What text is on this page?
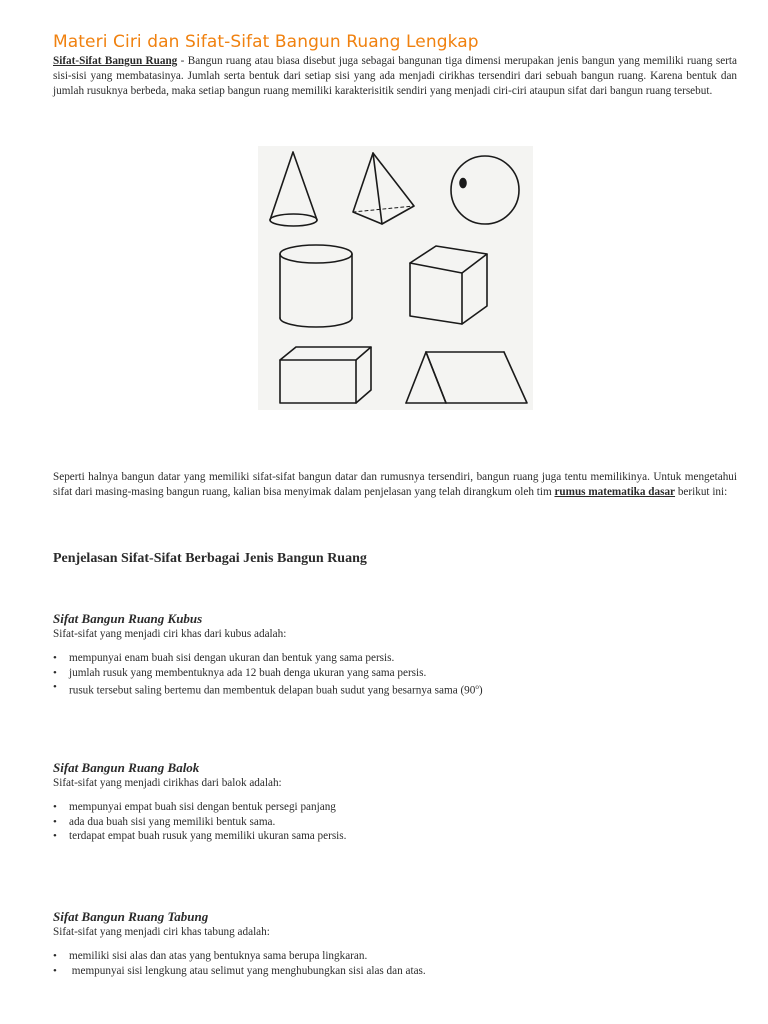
Materi Ciri dan Sifat-Sifat Bangun Ruang Lengkap

Sifat-Sifat Bangun Ruang - Bangun ruang atau biasa disebut juga sebagai bangunan tiga dimensi merupakan jenis bangun yang memiliki ruang serta sisi-sisi yang membatasinya. Jumlah serta bentuk dari setiap sisi yang ada menjadi cirikhas tersendiri dari sebuah bangun ruang. Karena bentuk dan jumlah rusuknya berbeda, maka setiap bangun ruang memiliki karakterisitik sendiri yang menjadi ciri-ciri ataupun sifat dari bangun ruang tersebut.

Seperti halnya bangun datar yang memiliki sifat-sifat bangun datar dan rumusnya tersendiri, bangun ruang juga tentu memilikinya. Untuk mengetahui sifat dari masing-masing bangun ruang, kalian bisa menyimak dalam penjelasan yang telah dirangkum oleh tim rumus matematika dasar berikut ini:

Penjelasan Sifat-Sifat Berbagai Jenis Bangun Ruang
Sifat Bangun Ruang Kubus
Sifat-sifat yang menjadi ciri khas dari kubus adalah:
• mempunyai enam buah sisi dengan ukuran dan bentuk yang sama persis.
• jumlah rusuk yang membentuknya ada 12 buah denga ukuran yang sama persis.
• rusuk tersebut saling bertemu dan membentuk delapan buah sudut yang besarnya sama (90$^o$)
Sifat Bangun Ruang Balok
Sifat-sifat yang menjadi cirikhas dari balok adalah:
• mempunyai empat buah sisi dengan bentuk persegi panjang
• ada dua buah sisi yang memiliki bentuk sama.
• terdapat empat buah rusuk yang memiliki ukuran sama persis.
Sifat Bangun Ruang Tabung
Sifat-sifat yang menjadi ciri khas tabung adalah:
• memiliki sisi alas dan atas yang bentuknya sama berupa lingkaran.
• mempunyai sisi lengkung atau selimut yang menghubungkan sisi alas dan atas.
